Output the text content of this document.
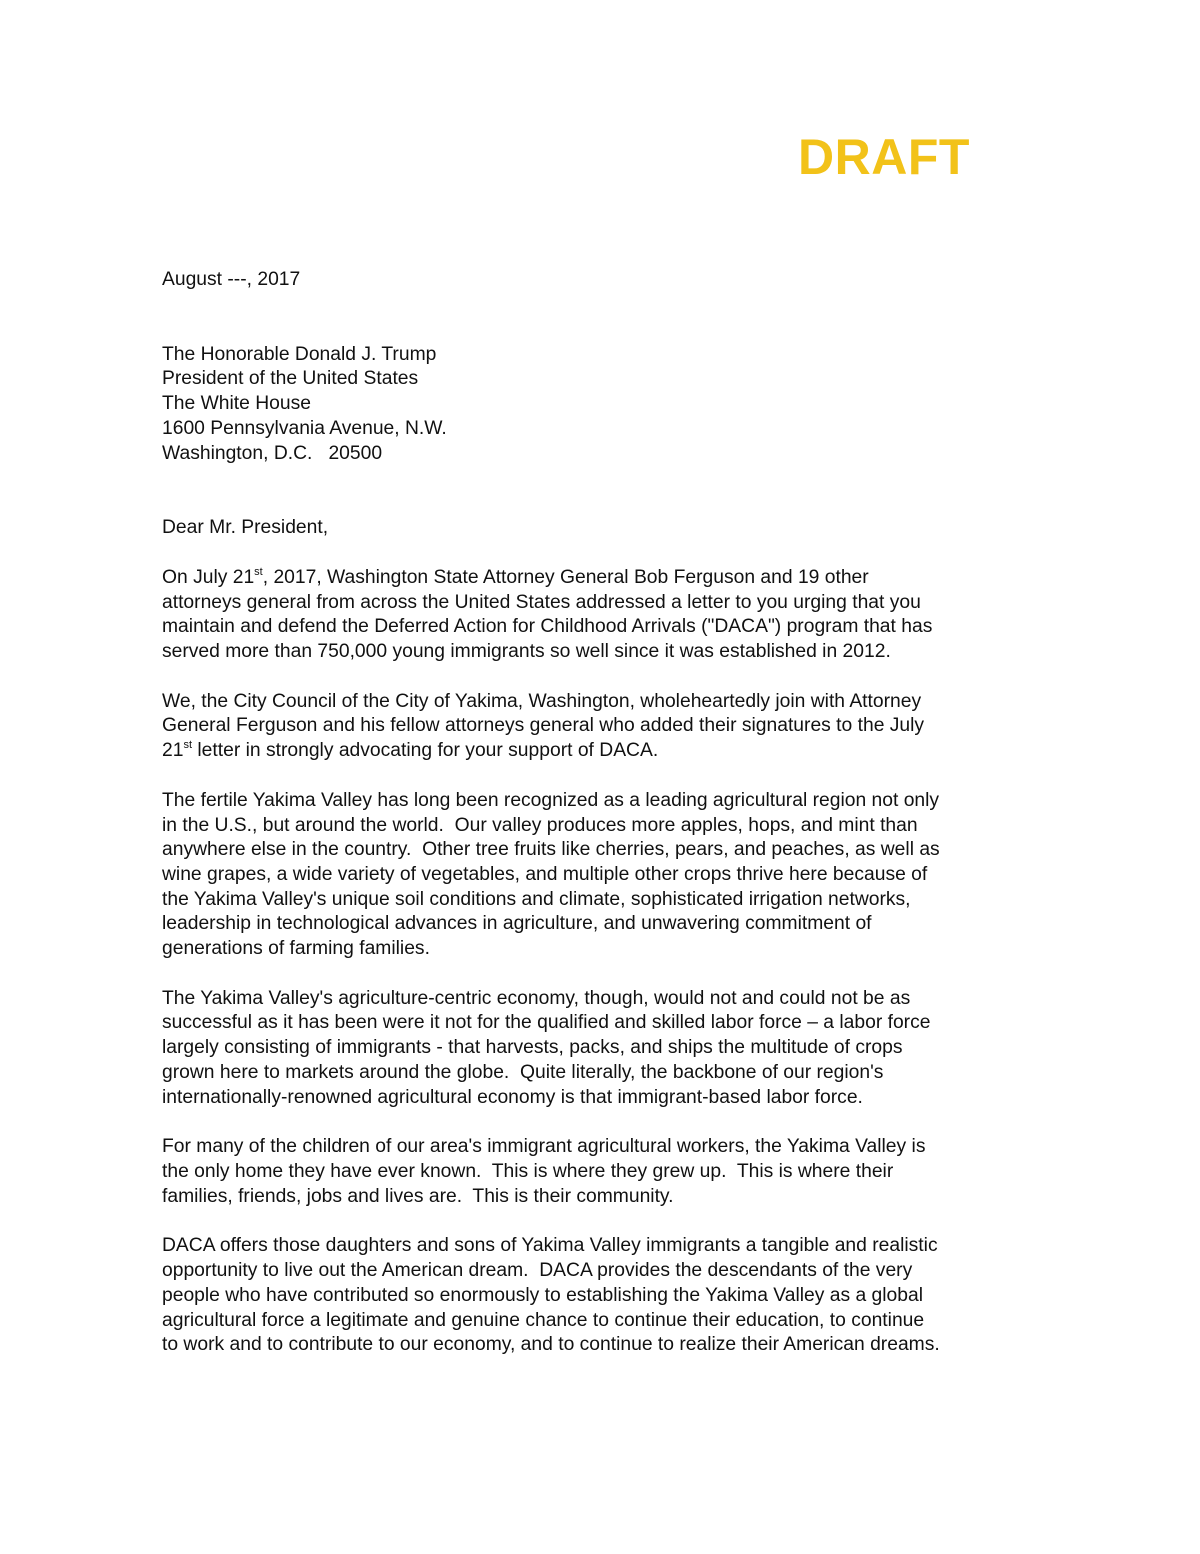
DRAFT

August ---, 2017

The Honorable Donald J. Trump
President of the United States
The White House
1600 Pennsylvania Avenue, N.W.
Washington, D.C.   20500

Dear Mr. President,

On July 21st, 2017, Washington State Attorney General Bob Ferguson and 19 other
attorneys general from across the United States addressed a letter to you urging that you
maintain and defend the Deferred Action for Childhood Arrivals ("DACA") program that has
served more than 750,000 young immigrants so well since it was established in 2012.

We, the City Council of the City of Yakima, Washington, wholeheartedly join with Attorney
General Ferguson and his fellow attorneys general who added their signatures to the July
21st letter in strongly advocating for your support of DACA.

The fertile Yakima Valley has long been recognized as a leading agricultural region not only
in the U.S., but around the world.  Our valley produces more apples, hops, and mint than
anywhere else in the country.  Other tree fruits like cherries, pears, and peaches, as well as
wine grapes, a wide variety of vegetables, and multiple other crops thrive here because of
the Yakima Valley's unique soil conditions and climate, sophisticated irrigation networks,
leadership in technological advances in agriculture, and unwavering commitment of
generations of farming families.

The Yakima Valley's agriculture-centric economy, though, would not and could not be as
successful as it has been were it not for the qualified and skilled labor force – a labor force
largely consisting of immigrants - that harvests, packs, and ships the multitude of crops
grown here to markets around the globe.  Quite literally, the backbone of our region's
internationally-renowned agricultural economy is that immigrant-based labor force.

For many of the children of our area's immigrant agricultural workers, the Yakima Valley is
the only home they have ever known.  This is where they grew up.  This is where their
families, friends, jobs and lives are.  This is their community.

DACA offers those daughters and sons of Yakima Valley immigrants a tangible and realistic
opportunity to live out the American dream.  DACA provides the descendants of the very
people who have contributed so enormously to establishing the Yakima Valley as a global
agricultural force a legitimate and genuine chance to continue their education, to continue
to work and to contribute to our economy, and to continue to realize their American dreams.
